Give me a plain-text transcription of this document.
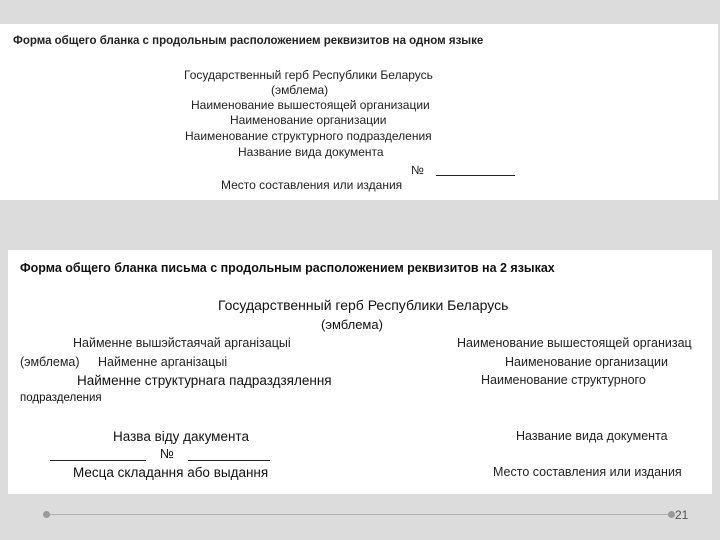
Форма общего бланка с продольным расположением реквизитов на одном языке
Государственный герб Республики Беларусь
(эмблема)
Наименование вышестоящей организации
Наименование организации
Наименование структурного подразделения
Название вида документа
№
Место составления или издания
Форма общего бланка письма с продольным расположением реквизитов на 2 языках
Государственный герб Республики Беларусь
(эмблема)
Найменне вышэйстаячай арганізацыі	Наименование вышестоящей организац
(эмблема) Найменне арганізацыі	Наименование организации
Найменне структурнага падраздзялення	Наименование структурного
подразделения
Назва віду дакумента	Название вида документа
№
Месца складання або выдання	Место составления или издания
21
